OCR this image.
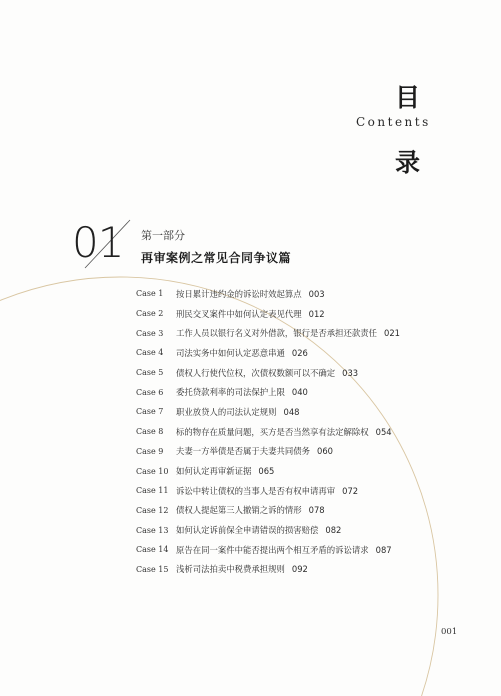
目
Contents
录
01 第一部分
再审案例之常见合同争议篇
Case 1	按日累计违约金的诉讼时效起算点 003
Case 2	刑民交叉案件中如何认定表见代理 012
Case 3	工作人员以银行名义对外借款，银行是否承担还款责任 021
Case 4	司法实务中如何认定恶意串通 026
Case 5	债权人行使代位权，次债权数额可以不确定 033
Case 6	委托贷款利率的司法保护上限 040
Case 7	职业放贷人的司法认定规则 048
Case 8	标的物存在质量问题，买方是否当然享有法定解除权 054
Case 9	夫妻一方举债是否属于夫妻共同债务 060
Case 10 如何认定再审新证据 065
Case 11 诉讼中转让债权的当事人是否有权申请再审 072
Case 12 债权人提起第三人撤销之诉的情形 078
Case 13 如何认定诉前保全申请错误的损害赔偿 082
Case 14 原告在同一案件中能否提出两个相互矛盾的诉讼请求 087
Case 15 浅析司法拍卖中税费承担规则 092
001
